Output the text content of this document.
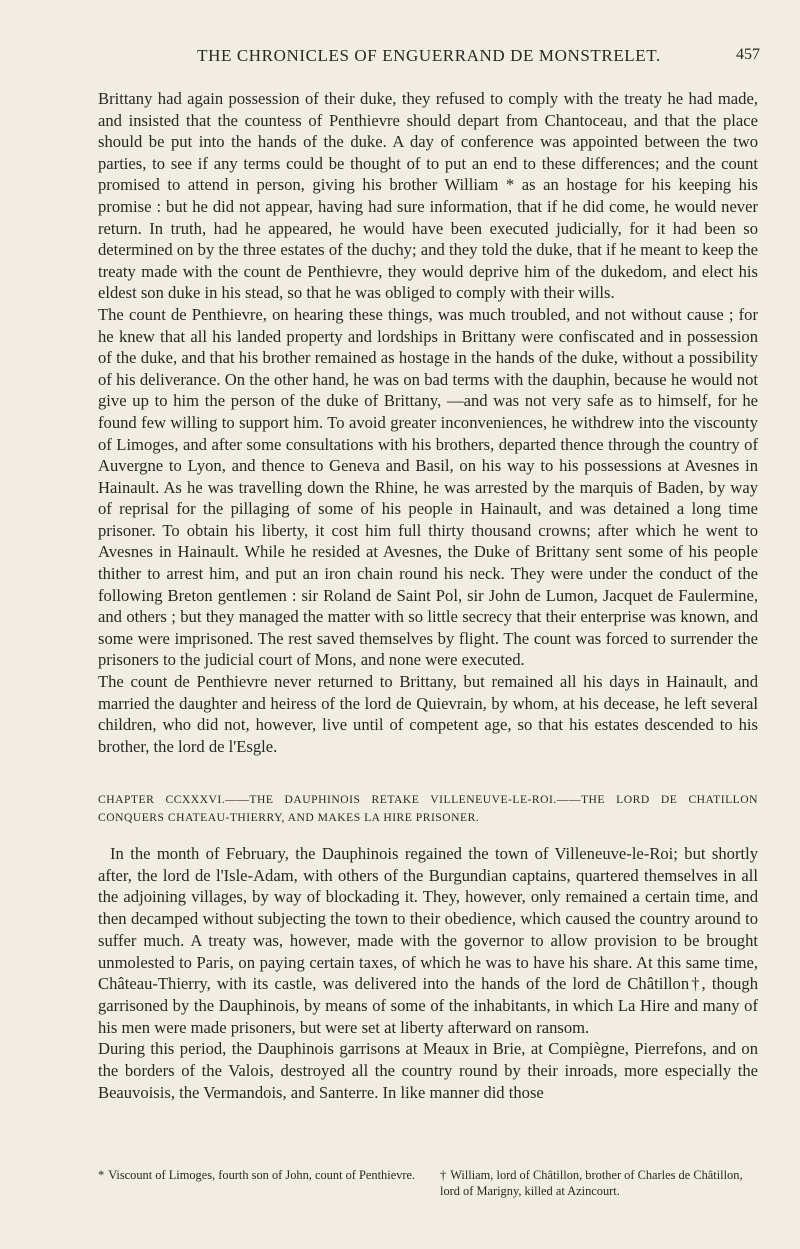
THE CHRONICLES OF ENGUERRAND DE MONSTRELET.	457

Brittany had again possession of their duke, they refused to comply with the treaty he had made, and insisted that the countess of Penthievre should depart from Chantoceau, and that the place should be put into the hands of the duke. A day of conference was appointed between the two parties, to see if any terms could be thought of to put an end to these differences; and the count promised to attend in person, giving his brother William * as an hostage for his keeping his promise : but he did not appear, having had sure information, that if he did come, he would never return. In truth, had he appeared, he would have been executed judicially, for it had been so determined on by the three estates of the duchy; and they told the duke, that if he meant to keep the treaty made with the count de Penthievre, they would deprive him of the dukedom, and elect his eldest son duke in his stead, so that he was obliged to comply with their wills.

The count de Penthievre, on hearing these things, was much troubled, and not without cause ; for he knew that all his landed property and lordships in Brittany were confiscated and in possession of the duke, and that his brother remained as hostage in the hands of the duke, without a possibility of his deliverance. On the other hand, he was on bad terms with the dauphin, because he would not give up to him the person of the duke of Brittany, —and was not very safe as to himself, for he found few willing to support him. To avoid greater inconveniences, he withdrew into the viscounty of Limoges, and after some consultations with his brothers, departed thence through the country of Auvergne to Lyon, and thence to Geneva and Basil, on his way to his possessions at Avesnes in Hainault. As he was travelling down the Rhine, he was arrested by the marquis of Baden, by way of reprisal for the pillaging of some of his people in Hainault, and was detained a long time prisoner. To obtain his liberty, it cost him full thirty thousand crowns; after which he went to Avesnes in Hainault. While he resided at Avesnes, the Duke of Brittany sent some of his people thither to arrest him, and put an iron chain round his neck. They were under the conduct of the following Breton gentlemen : sir Roland de Saint Pol, sir John de Lumon, Jacquet de Faulermine, and others ; but they managed the matter with so little secrecy that their enterprise was known, and some were imprisoned. The rest saved themselves by flight. The count was forced to surrender the prisoners to the judicial court of Mons, and none were executed.

The count de Penthievre never returned to Brittany, but remained all his days in Hainault, and married the daughter and heiress of the lord de Quievrain, by whom, at his decease, he left several children, who did not, however, live until of competent age, so that his estates descended to his brother, the lord de l'Esgle.

CHAPTER CCXXXVI.——THE DAUPHINOIS RETAKE VILLENEUVE-LE-ROI.——THE LORD DE CHATILLON CONQUERS CHATEAU-THIERRY, AND MAKES LA HIRE PRISONER.

In the month of February, the Dauphinois regained the town of Villeneuve-le-Roi; but shortly after, the lord de l'Isle-Adam, with others of the Burgundian captains, quartered themselves in all the adjoining villages, by way of blockading it. They, however, only remained a certain time, and then decamped without subjecting the town to their obedience, which caused the country around to suffer much. A treaty was, however, made with the governor to allow provision to be brought unmolested to Paris, on paying certain taxes, of which he was to have his share. At this same time, Château-Thierry, with its castle, was delivered into the hands of the lord de Châtillon†, though garrisoned by the Dauphinois, by means of some of the inhabitants, in which La Hire and many of his men were made prisoners, but were set at liberty afterward on ransom.

During this period, the Dauphinois garrisons at Meaux in Brie, at Compiègne, Pierrefons, and on the borders of the Valois, destroyed all the country round by their inroads, more especially the Beauvoisis, the Vermandois, and Santerre. In like manner did those

* Viscount of Limoges, fourth son of John, count of Penthievre. † William, lord of Châtillon, brother of Charles de Châtillon, lord of Marigny, killed at Azincourt.
